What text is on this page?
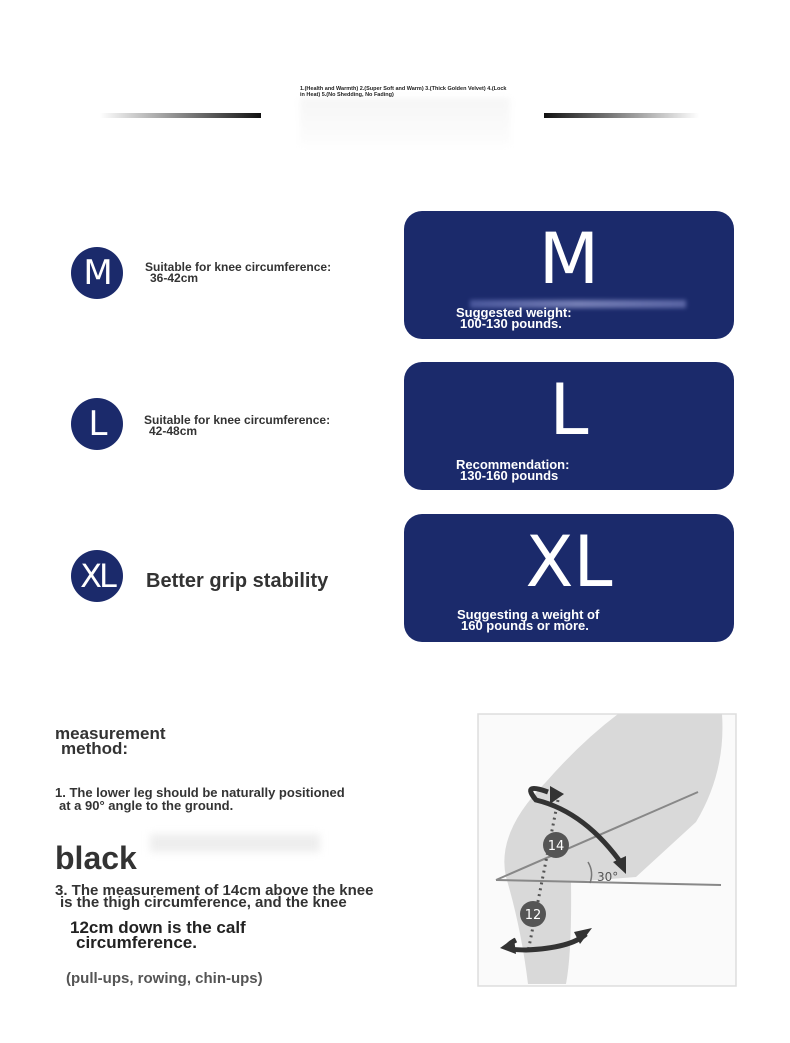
1.(Health and Warmth) 2.(Super Soft and Warm) 3.(Thick Golden Velvet) 4.(Lock in Heat) 5.(No Shedding, No Fading)
M	Suitable for knee circumference:
36-42cm	M
Suggested weight:
100-130 pounds.
L	Suitable for knee circumference:
42-48cm	L
Recommendation:
130-160 pounds
XL	Better grip stability	XL
Suggesting a weight of
160 pounds or more.
measurement
method:
1. The lower leg should be naturally positioned
at a 90° angle to the ground.
black
3. The measurement of 14cm above the knee
is the thigh circumference, and the knee
12cm down is the calf
circumference.
(pull-ups, rowing, chin-ups)
30°
14
12
